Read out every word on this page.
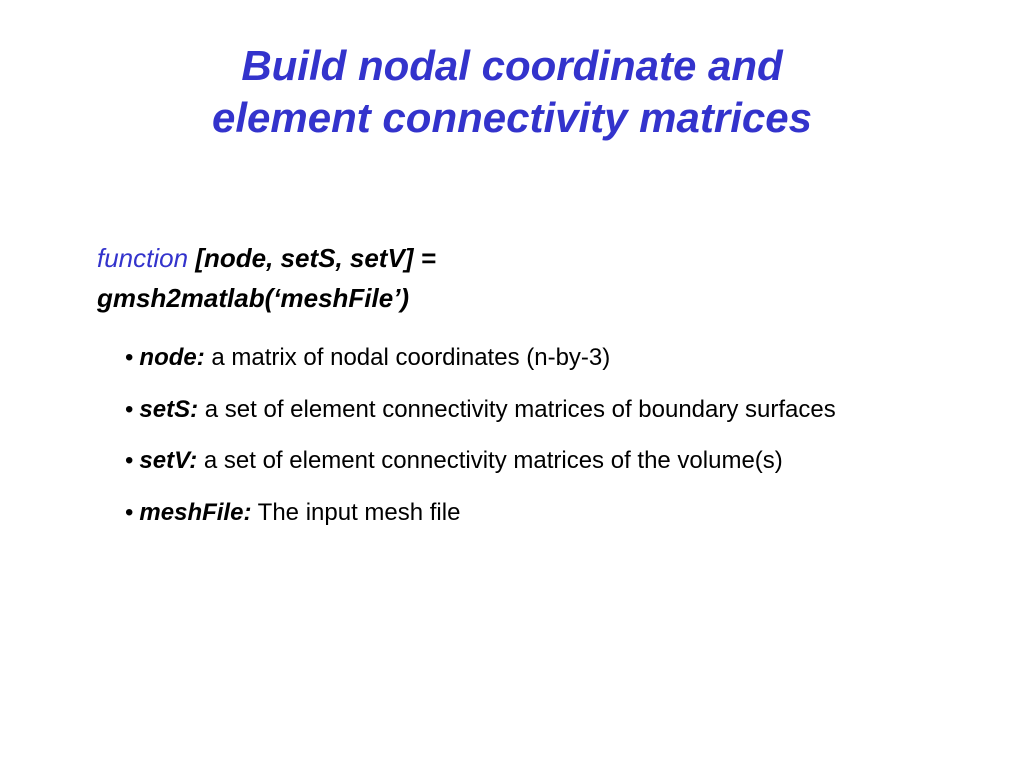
Build nodal coordinate and
element connectivity matrices
function [node, setS, setV] =
gmsh2matlab(‘meshFile’)
• node: a matrix of nodal coordinates (n-by-3)
• setS: a set of element connectivity matrices of boundary surfaces
• setV: a set of element connectivity matrices of the volume(s)
• meshFile: The input mesh file
